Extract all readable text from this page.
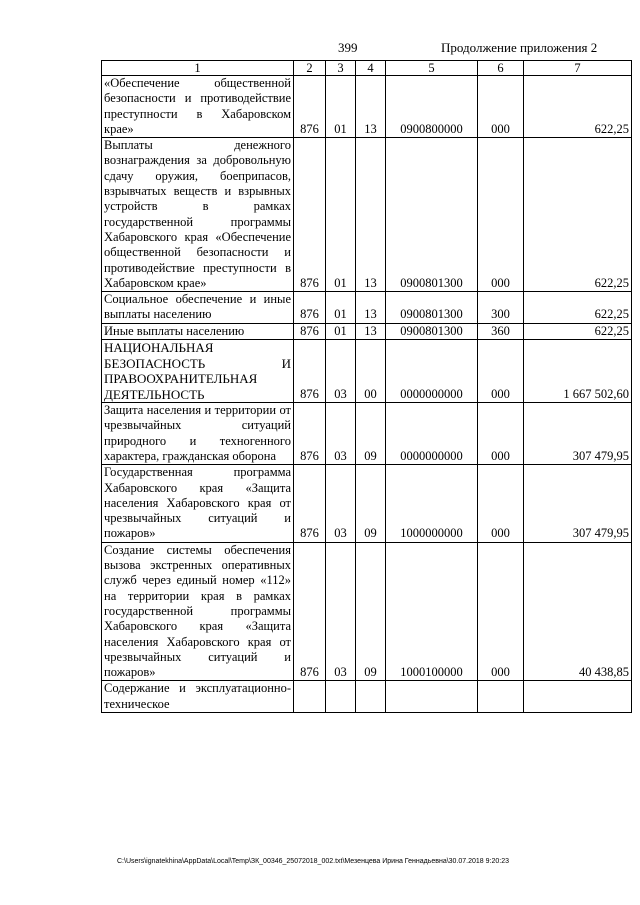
399	Продолжение приложения 2
1	2	3	4	5	6	7
«Обеспечение общественной безопасности и противодействие преступности в Хабаровском крае»	876	01	13	0900800000	000	622,25
Выплаты денежного вознаграждения за добровольную сдачу оружия, боеприпасов, взрывчатых веществ и взрывных устройств в рамках государственной программы Хабаровского края «Обеспечение общественной безопасности и противодействие преступности в Хабаровском крае»	876	01	13	0900801300	000	622,25
Социальное обеспечение и иные выплаты населению	876	01	13	0900801300	300	622,25
Иные выплаты населению	876	01	13	0900801300	360	622,25
НАЦИОНАЛЬНАЯ БЕЗОПАСНОСТЬ И ПРАВООХРАНИТЕЛЬНАЯ ДЕЯТЕЛЬНОСТЬ	876	03	00	0000000000	000	1 667 502,60
Защита населения и территории от чрезвычайных ситуаций природного и техногенного характера, гражданская оборона	876	03	09	0000000000	000	307 479,95
Государственная программа Хабаровского края «Защита населения Хабаровского края от чрезвычайных ситуаций и пожаров»	876	03	09	1000000000	000	307 479,95
Создание системы обеспечения вызова экстренных оперативных служб через единый номер «112» на территории края в рамках государственной программы Хабаровского края «Защита населения Хабаровского края от чрезвычайных ситуаций и пожаров»	876	03	09	1000100000	000	40 438,85
Содержание и эксплуатационно-техническое						
C:\Users\ignatekhina\AppData\Local\Temp\ЗК_00346_25072018_002.txt\Мезенцева Ирина Геннадьевна\30.07.2018 9:20:23
